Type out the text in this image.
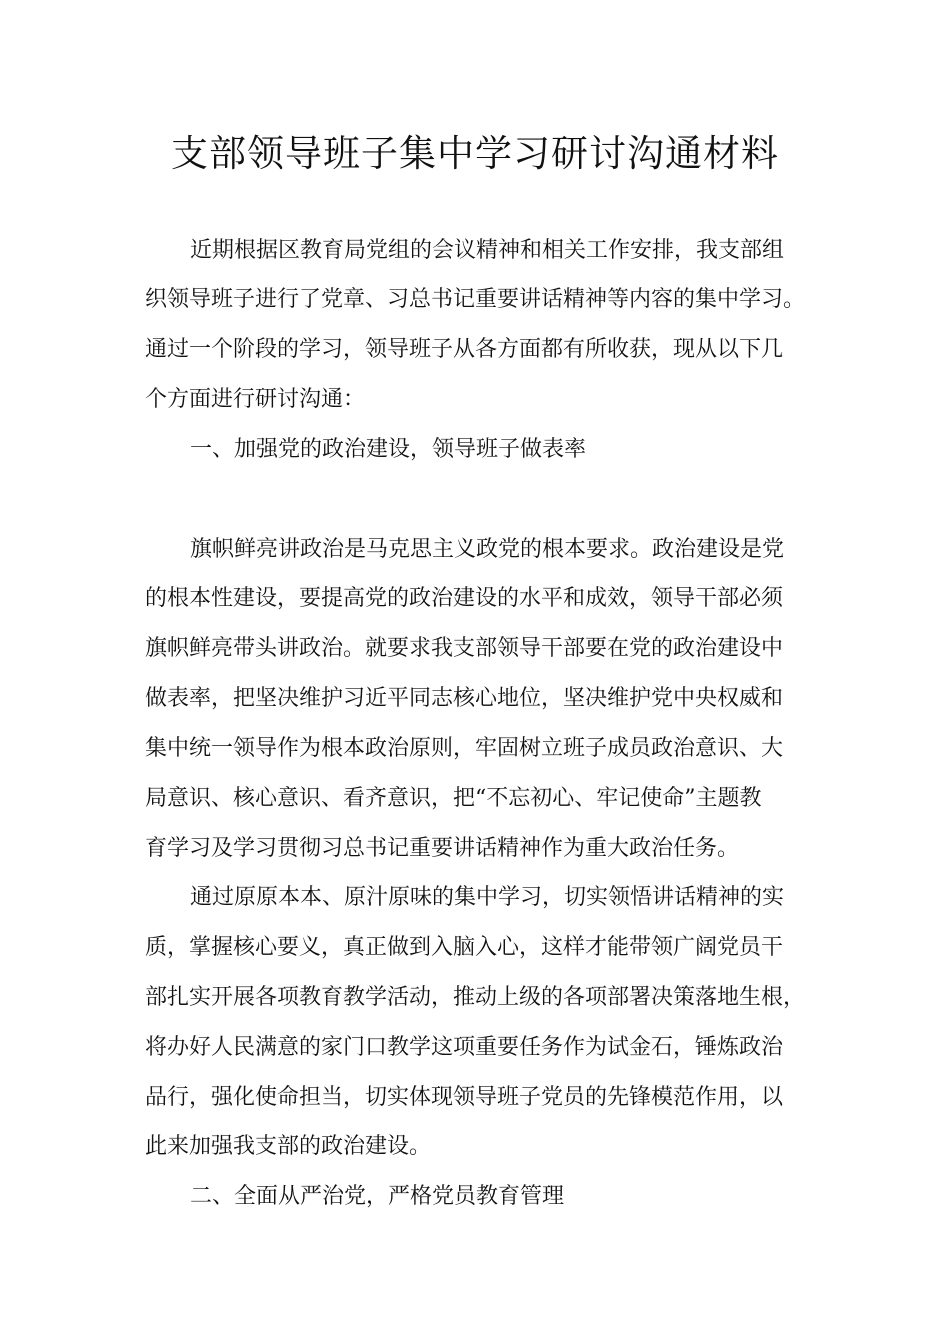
支部领导班子集中学习研讨沟通材料

近期根据区教育局党组的会议精神和相关工作安排，我支部组

织领导班子进行了党章、习总书记重要讲话精神等内容的集中学习。

通过一个阶段的学习，领导班子从各方面都有所收获，现从以下几

个方面进行研讨沟通：

一、加强党的政治建设，领导班子做表率

旗帜鲜亮讲政治是马克思主义政党的根本要求。政治建设是党

的根本性建设，要提高党的政治建设的水平和成效，领导干部必须

旗帜鲜亮带头讲政治。就要求我支部领导干部要在党的政治建设中

做表率，把坚决维护习近平同志核心地位，坚决维护党中央权威和

集中统一领导作为根本政治原则，牢固树立班子成员政治意识、大

局意识、核心意识、看齐意识，把“不忘初心、牢记使命”主题教

育学习及学习贯彻习总书记重要讲话精神作为重大政治任务。

通过原原本本、原汁原味的集中学习，切实领悟讲话精神的实

质，掌握核心要义，真正做到入脑入心，这样才能带领广阔党员干

部扎实开展各项教育教学活动，推动上级的各项部署决策落地生根，

将办好人民满意的家门口教学这项重要任务作为试金石，锤炼政治

品行，强化使命担当，切实体现领导班子党员的先锋模范作用，以

此来加强我支部的政治建设。

二、全面从严治党，严格党员教育管理
